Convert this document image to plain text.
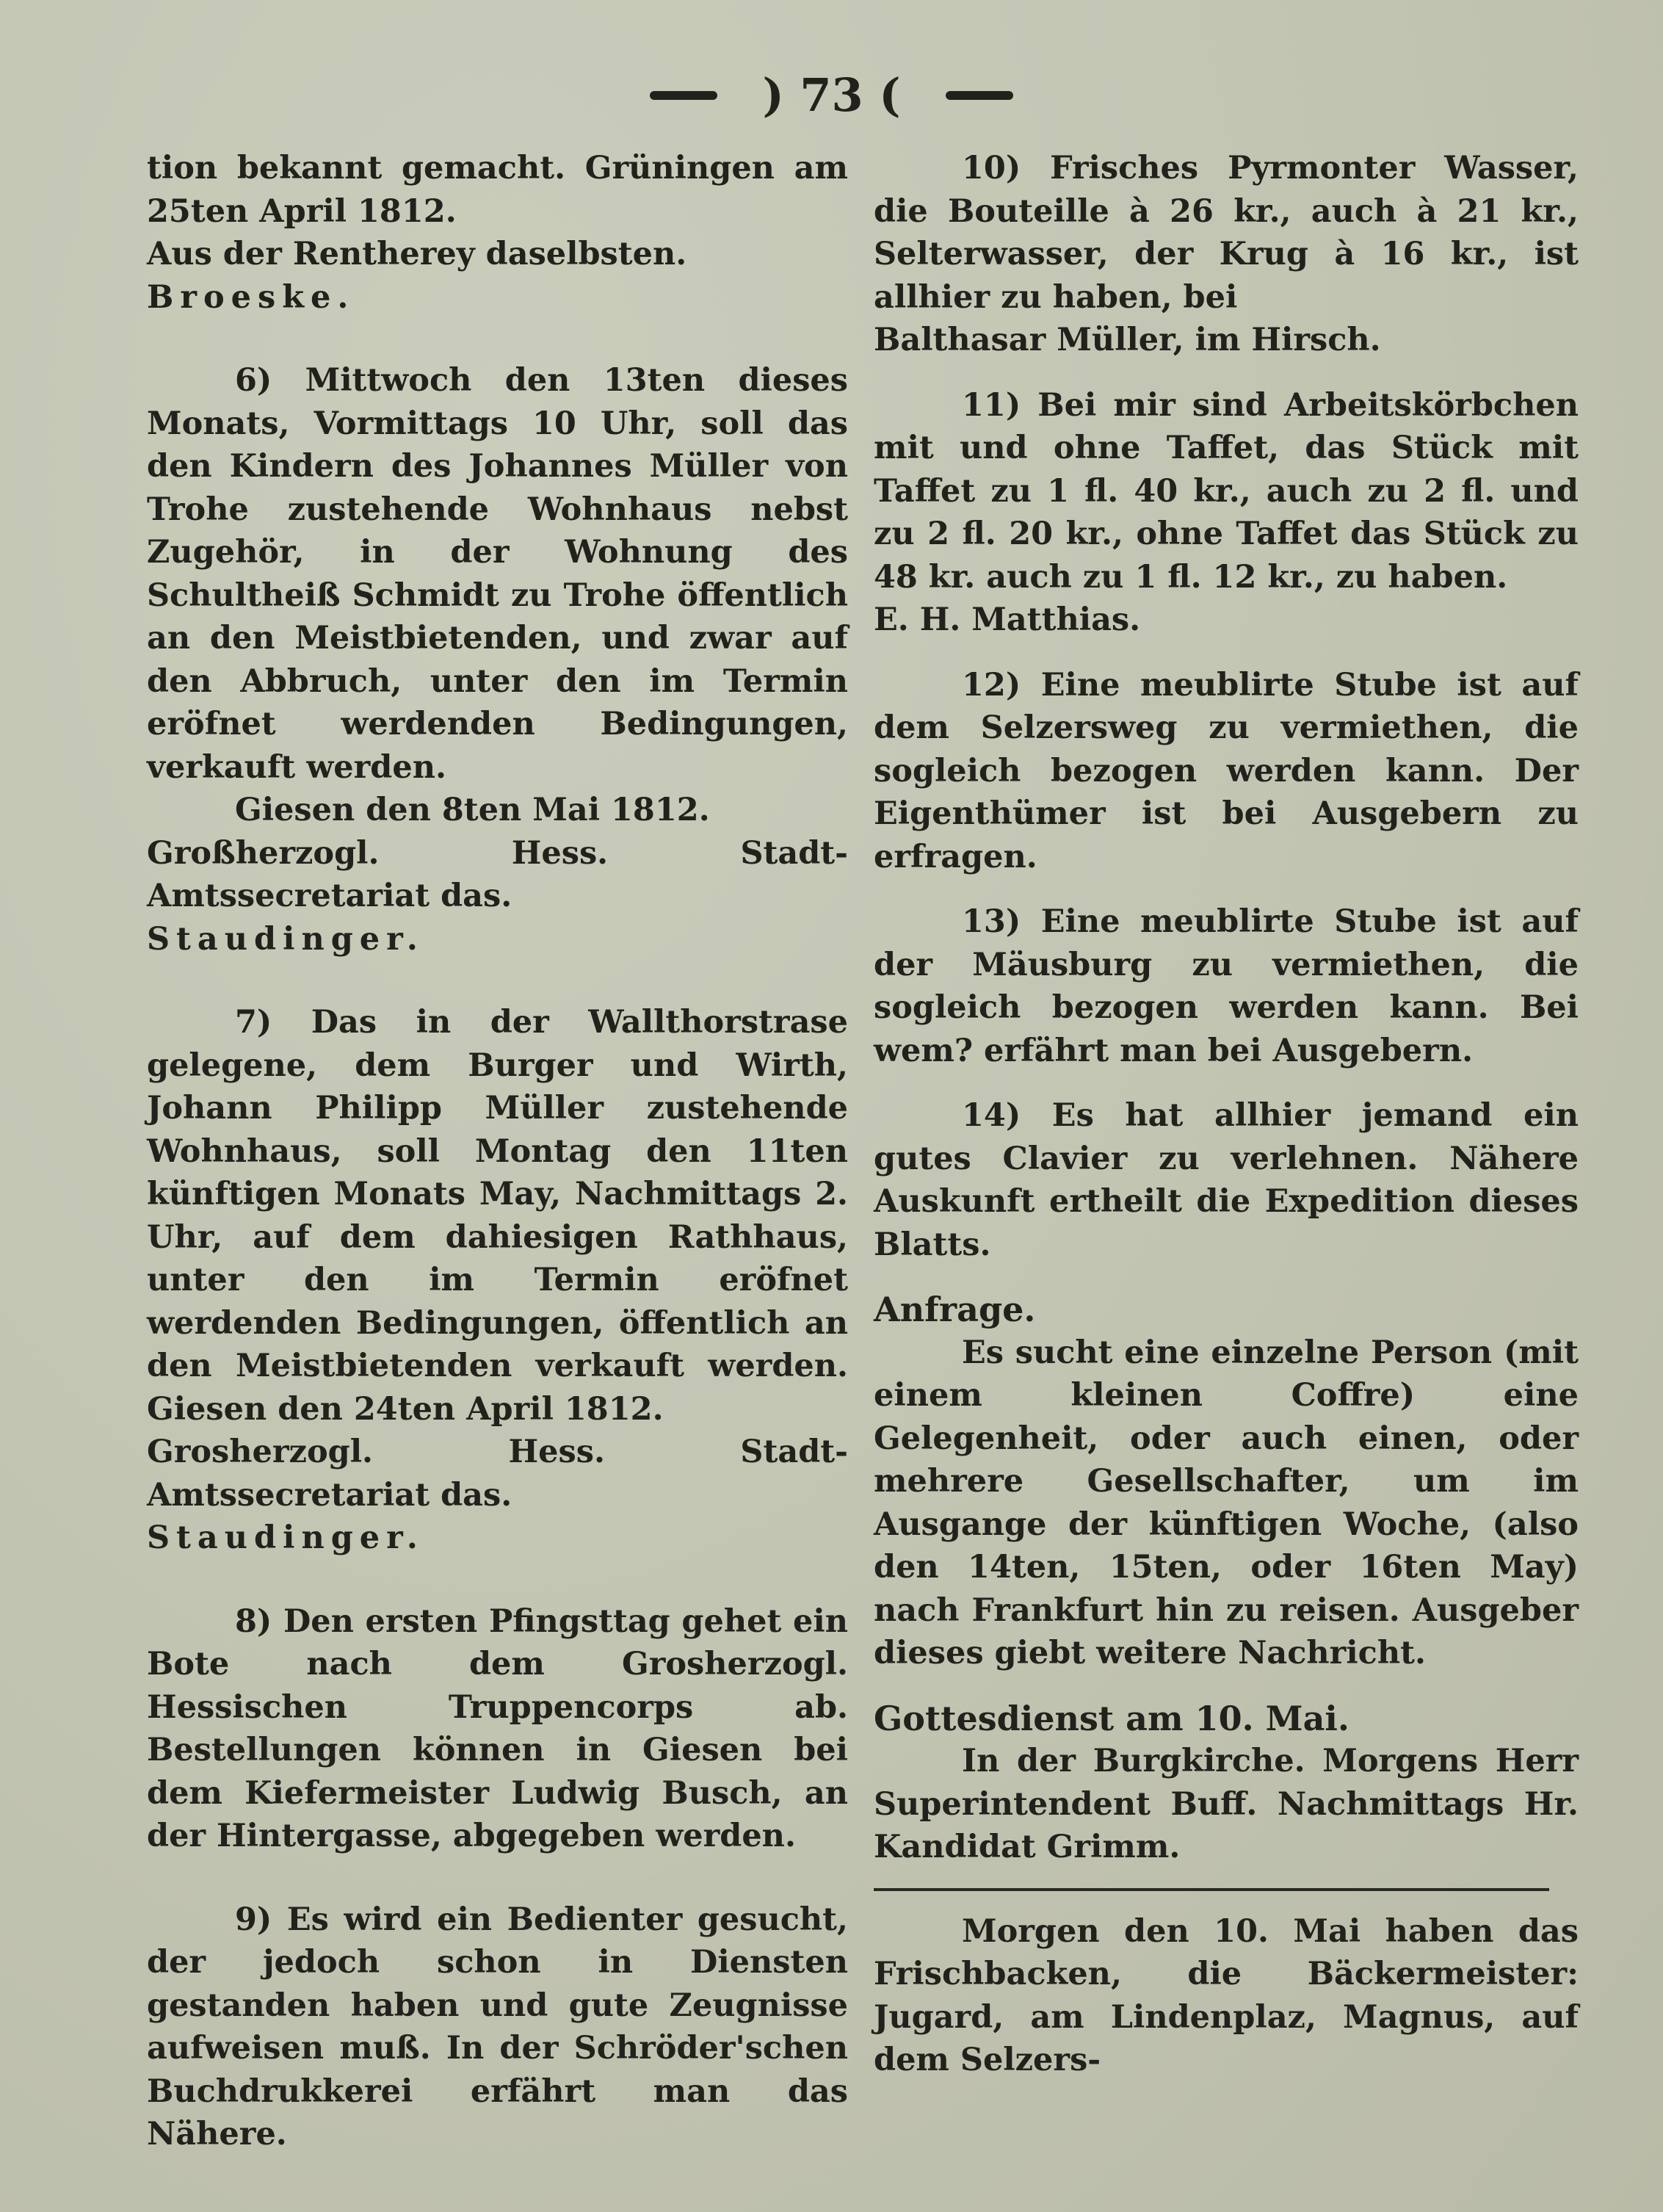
) 73 (

tion bekannt gemacht. Grüningen am 25ten April 1812.

Aus der Rentherey daselbsten.

Broeske.

6) Mittwoch den 13ten dieses Monats, Vormittags 10 Uhr, soll das den Kindern des Johannes Müller von Trohe zustehende Wohnhaus nebst Zugehör, in der Wohnung des Schultheiß Schmidt zu Trohe öffentlich an den Meistbietenden, und zwar auf den Abbruch, unter den im Termin eröfnet werdenden Bedingungen, verkauft werden.

Giesen den 8ten Mai 1812.

Großherzogl. Hess. Stadt-Amtssecretariat das.

Staudinger.

7) Das in der Wallthorstrase gelegene, dem Burger und Wirth, Johann Philipp Müller zustehende Wohnhaus, soll Montag den 11ten künftigen Monats May, Nachmittags 2. Uhr, auf dem dahiesigen Rathhaus, unter den im Termin eröfnet werdenden Bedingungen, öffentlich an den Meistbietenden verkauft werden. Giesen den 24ten April 1812.

Grosherzogl. Hess. Stadt-Amtssecretariat das.

Staudinger.

8) Den ersten Pfingsttag gehet ein Bote nach dem Grosherzogl. Hessischen Truppencorps ab. Bestellungen können in Giesen bei dem Kiefermeister Ludwig Busch, an der Hintergasse, abgegeben werden.

9) Es wird ein Bedienter gesucht, der jedoch schon in Diensten gestanden haben und gute Zeugnisse aufweisen muß. In der Schröder'schen Buchdrukkerei erfährt man das Nähere.

10) Frisches Pyrmonter Wasser, die Bouteille à 26 kr., auch à 21 kr., Selterwasser, der Krug à 16 kr., ist allhier zu haben, bei

Balthasar Müller, im Hirsch.

11) Bei mir sind Arbeitskörbchen mit und ohne Taffet, das Stück mit Taffet zu 1 fl. 40 kr., auch zu 2 fl. und zu 2 fl. 20 kr., ohne Taffet das Stück zu 48 kr. auch zu 1 fl. 12 kr., zu haben.

E. H. Matthias.

12) Eine meublirte Stube ist auf dem Selzersweg zu vermiethen, die sogleich bezogen werden kann. Der Eigenthümer ist bei Ausgebern zu erfragen.

13) Eine meublirte Stube ist auf der Mäusburg zu vermiethen, die sogleich bezogen werden kann. Bei wem? erfährt man bei Ausgebern.

14) Es hat allhier jemand ein gutes Clavier zu verlehnen. Nähere Auskunft ertheilt die Expedition dieses Blatts.

Anfrage.

Es sucht eine einzelne Person (mit einem kleinen Coffre) eine Gelegenheit, oder auch einen, oder mehrere Gesellschafter, um im Ausgange der künftigen Woche, (also den 14ten, 15ten, oder 16ten May) nach Frankfurt hin zu reisen. Ausgeber dieses giebt weitere Nachricht.

Gottesdienst am 10. Mai.

In der Burgkirche. Morgens Herr Superintendent Buff. Nachmittags Hr. Kandidat Grimm.

Morgen den 10. Mai haben das Frischbacken, die Bäckermeister: Jugard, am Lindenplaz, Magnus, auf dem Selzers-
